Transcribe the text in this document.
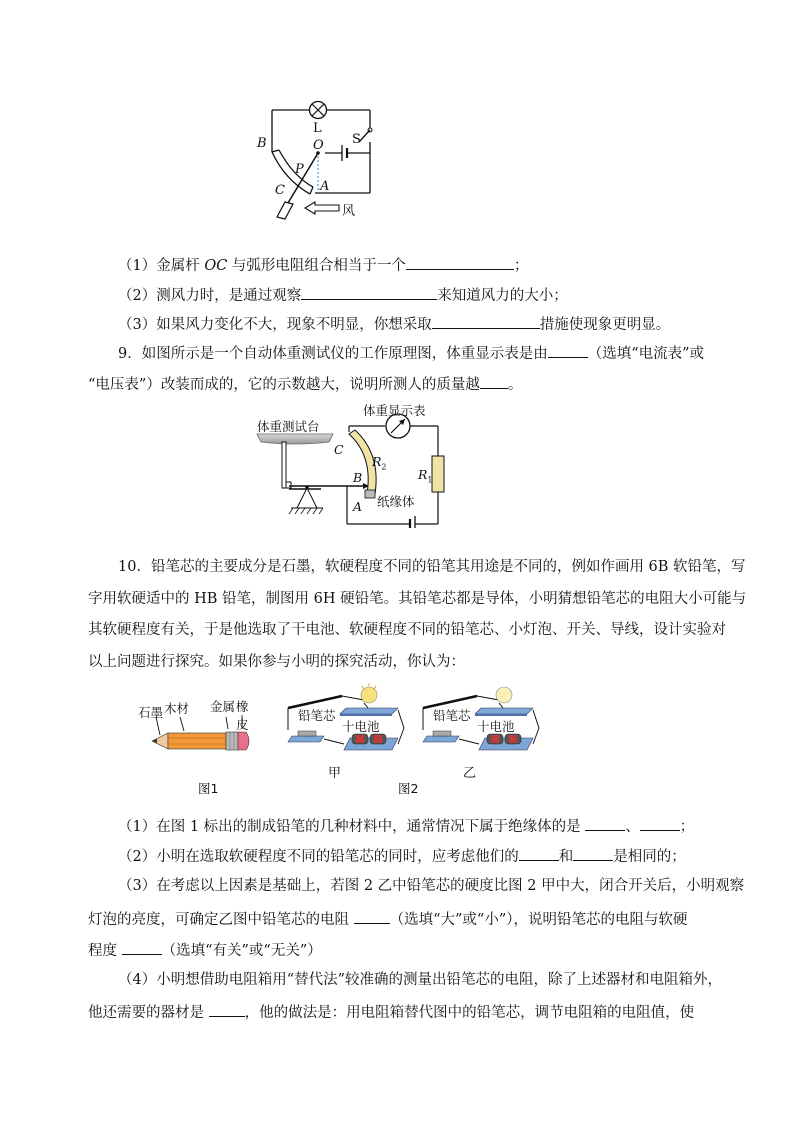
L
S
B	O
P
C	A
风
（1）金属杆 OC 与弧形电阻组合相当于一个	；
（2）测风力时，是通过观察	来知道风力的大小；
（3）如果风力变化不大，现象不明显，你想采取	措施使现象更明显。
9．如图所示是一个自动体重测试仪的工作原理图，体重显示表是由	（选填“电流表”或
“电压表”）改装而成的，它的示数越大，说明所测人的质量越 。
体重测试台
体重显示表
C
$R_2$	$R_1$
B
A 纸缘体
10．铅笔芯的主要成分是石墨，软硬程度不同的铅笔其用途是不同的，例如作画用 6B 软铅笔，写
字用软硬适中的 HB 铅笔，制图用 6H 硬铅笔。其铅笔芯都是导体，小明猜想铅笔芯的电阻大小可能与
其软硬程度有关，于是他选取了干电池、软硬程度不同的铅笔芯、小灯泡、开关、导线，设计实验对
以上问题进行探究。如果你参与小明的探究活动，你认为：
石墨 木材 金属 橡皮
图1
铅笔芯
十电池
甲
铅笔芯
十电池
乙
图2
（1）在图 1 标出的制成铅笔的几种材料中，通常情况下属于绝缘体的是	、	；
（2）小明在选取软硬程度不同的铅笔芯的同时，应考虑他们的	和	是相同的；
（3）在考虑以上因素是基础上，若图 2 乙中铅笔芯的硬度比图 2 甲中大，闭合开关后，小明观察
灯泡的亮度，可确定乙图中铅笔芯的电阻 （选填“大”或“小”），说明铅笔芯的电阻与软硬
程度	（选填“有关”或“无关”）
（4）小明想借助电阻箱用“替代法”较准确的测量出铅笔芯的电阻，除了上述器材和电阻箱外，
他还需要的器材是 ，他的做法是：用电阻箱替代图中的铅笔芯，调节电阻箱的电阻值，使
